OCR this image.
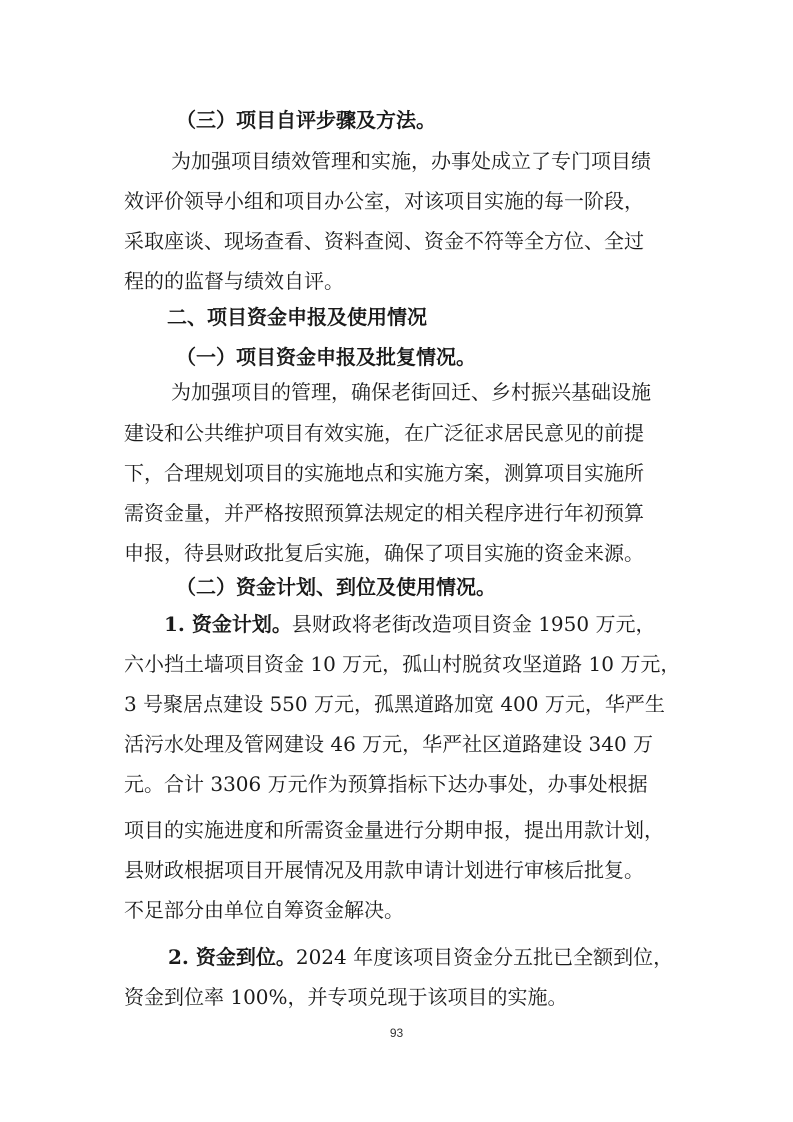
（三）项目自评步骤及方法。
为加强项目绩效管理和实施，办事处成立了专门项目绩
效评价领导小组和项目办公室，对该项目实施的每一阶段，
采取座谈、现场查看、资料查阅、资金不符等全方位、全过
程的的监督与绩效自评。
二、项目资金申报及使用情况
（一）项目资金申报及批复情况。
为加强项目的管理，确保老街回迁、乡村振兴基础设施
建设和公共维护项目有效实施，在广泛征求居民意见的前提
下，合理规划项目的实施地点和实施方案，测算项目实施所
需资金量，并严格按照预算法规定的相关程序进行年初预算
申报，待县财政批复后实施，确保了项目实施的资金来源。
（二）资金计划、到位及使用情况。
1. 资金计划。县财政将老街改造项目资金 1950 万元，
六小挡土墙项目资金 10 万元，孤山村脱贫攻坚道路 10 万元，
3 号聚居点建设 550 万元，孤黑道路加宽 400 万元，华严生
活污水处理及管网建设 46 万元，华严社区道路建设 340 万
元。合计 3306 万元作为预算指标下达办事处，办事处根据
项目的实施进度和所需资金量进行分期申报，提出用款计划，
县财政根据项目开展情况及用款申请计划进行审核后批复。
不足部分由单位自筹资金解决。
2. 资金到位。2024 年度该项目资金分五批已全额到位，
资金到位率 100%，并专项兑现于该项目的实施。
93
